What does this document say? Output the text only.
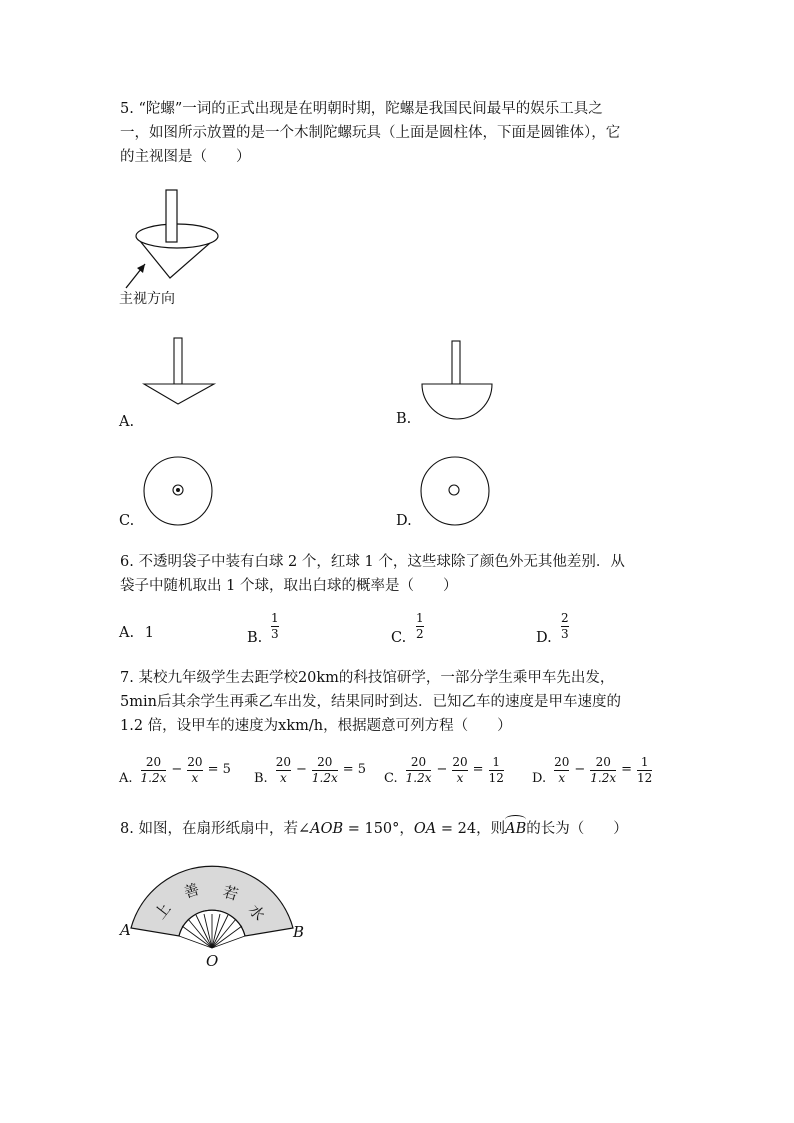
5. “陀螺”一词的正式出现是在明朝时期，陀螺是我国民间最早的娱乐工具之
一，如图所示放置的是一个木制陀螺玩具（上面是圆柱体，下面是圆锥体），它
的主视图是（　　）
主视方向
A.	B.
C.	D.
6. 不透明袋子中装有白球 2 个，红球 1 个，这些球除了颜色外无其他差别．从
袋子中随机取出 1 个球，取出白球的概率是（　　）
A. 1	B.
1
3	C.
1
2	D.
2
3
7. 某校九年级学生去距学校20km的科技馆研学，一部分学生乘甲车先出发，
5min后其余学生再乘乙车出发，结果同时到达．已知乙车的速度是甲车速度的
1.2 倍，设甲车的速度为xkm/h，根据题意可列方程（　　）
A. $\frac{20}{1.2x} - \frac{20}{x} = 5$
B. $\frac{20}{x} - \frac{20}{1.2x} = 5$
C. $\frac{20}{1.2x} - \frac{20}{x} = \frac{1}{12} D$. $\frac{20}{x} - \frac{20}{1.2x} = \frac{1}{12}$
8. 如图，在扇形纸扇中，若∠AOB = 150°，OA = 24，则
AB的长为（　　）
上
善 若
水
A	B
O
